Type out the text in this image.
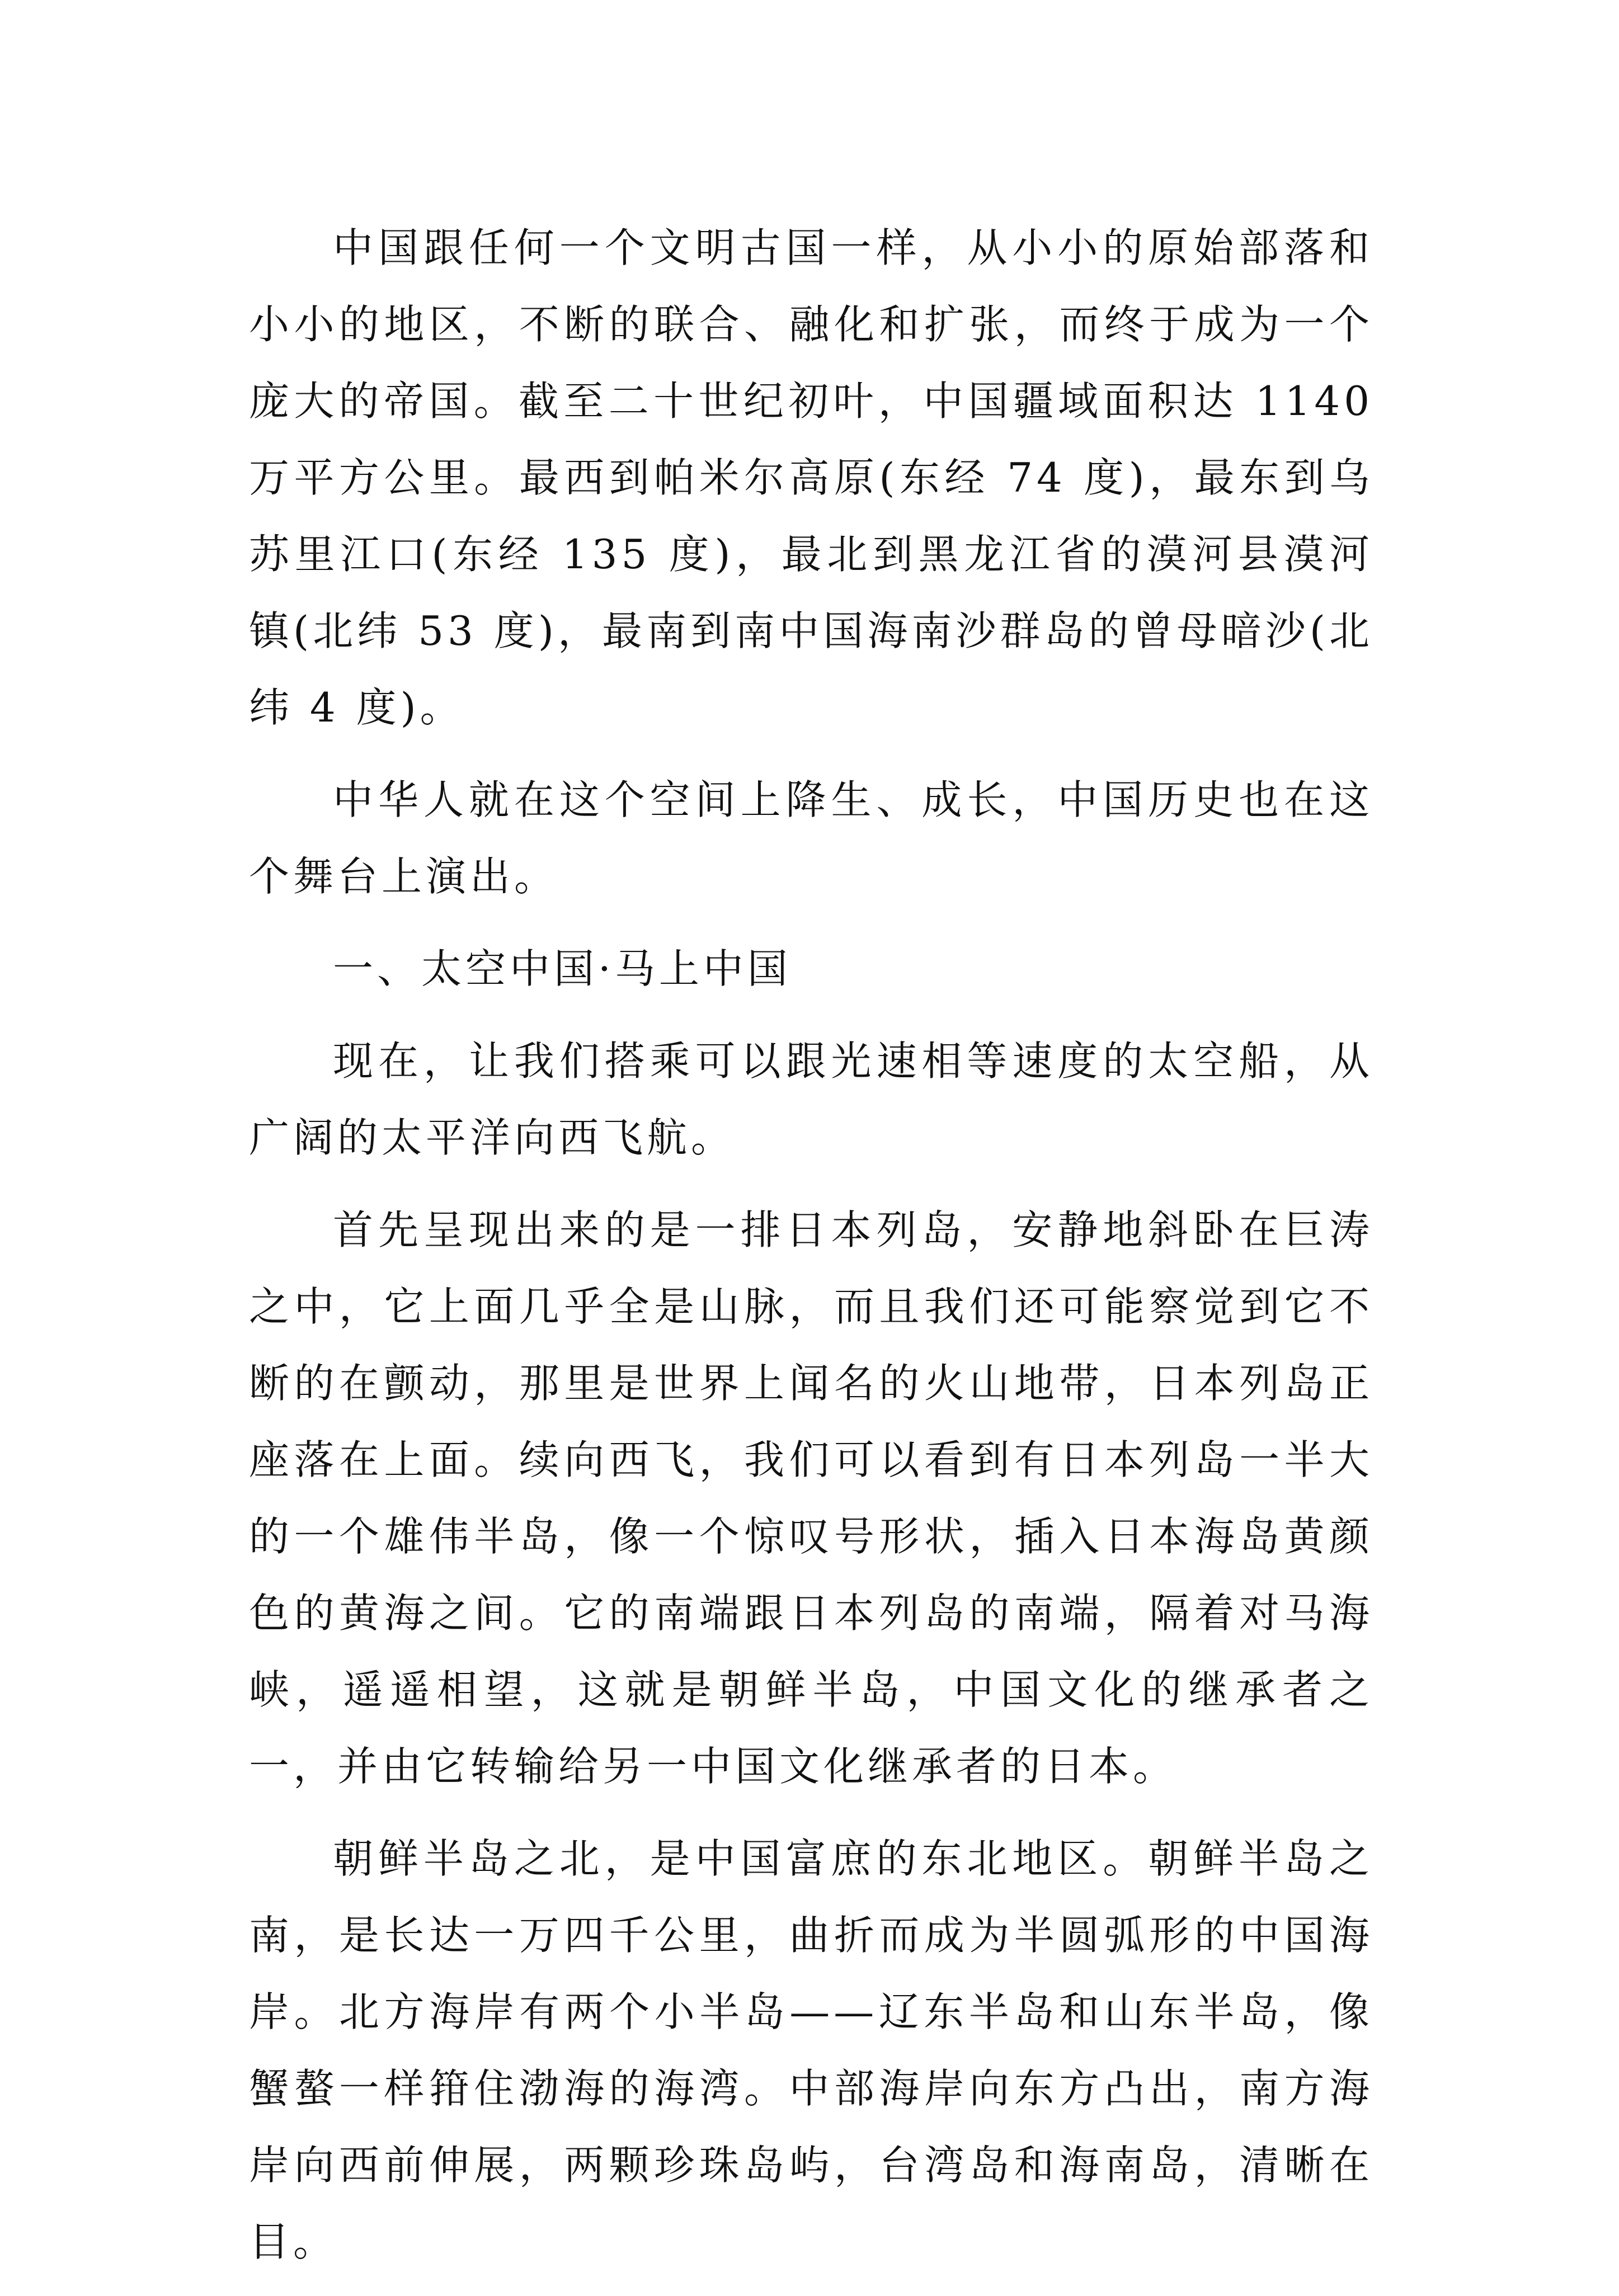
中国跟任何一个文明古国一样，从小小的原始部落和小小的地区，不断的联合、融化和扩张，而终于成为一个庞大的帝国。截至二十世纪初叶，中国疆域面积达 1140 万平方公里。最西到帕米尔高原(东经 74 度)，最东到乌苏里江口(东经 135 度)，最北到黑龙江省的漠河县漠河镇(北纬 53 度)，最南到南中国海南沙群岛的曾母暗沙(北纬 4 度)。

中华人就在这个空间上降生、成长，中国历史也在这个舞台上演出。

一、太空中国·马上中国

现在，让我们搭乘可以跟光速相等速度的太空船，从广阔的太平洋向西飞航。

首先呈现出来的是一排日本列岛，安静地斜卧在巨涛之中，它上面几乎全是山脉，而且我们还可能察觉到它不断的在颤动，那里是世界上闻名的火山地带，日本列岛正座落在上面。续向西飞，我们可以看到有日本列岛一半大的一个雄伟半岛，像一个惊叹号形状，插入日本海岛黄颜色的黄海之间。它的南端跟日本列岛的南端，隔着对马海峡，遥遥相望，这就是朝鲜半岛，中国文化的继承者之一，并由它转输给另一中国文化继承者的日本。

朝鲜半岛之北，是中国富庶的东北地区。朝鲜半岛之南，是长达一万四千公里，曲折而成为半圆弧形的中国海岸。北方海岸有两个小半岛——辽东半岛和山东半岛，像蟹螯一样箝住渤海的海湾。中部海岸向东方凸出，南方海岸向西前伸展，两颗珍珠岛屿，台湾岛和海南岛，清晰在目。
